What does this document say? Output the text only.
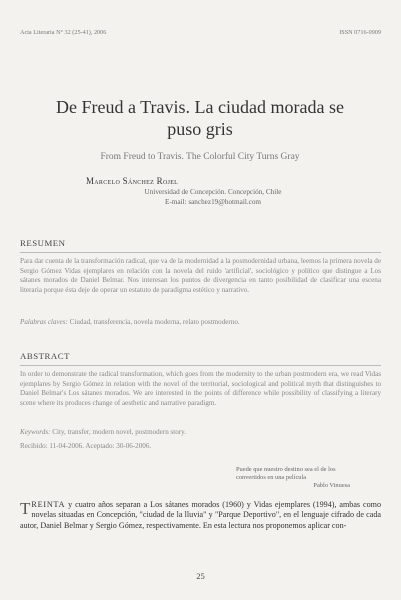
Acta Literaria N° 32 (25-41), 2006	ISSN 0716-0909
De Freud a Travis. La ciudad morada se puso gris
From Freud to Travis. The Colorful City Turns Gray
Marcelo Sánchez Rojel
Universidad de Concepción. Concepción, Chile
E-mail: sanchez19@hotmail.com
RESUMEN
Para dar cuenta de la transformación radical, que va de la modernidad a la posmodernidad urbana, leemos la primera novela de Sergio Gómez Vidas ejemplares en relación con la novela del ruido 'artificial', sociológico y político que distingue a Los sátanes morados de Daniel Belmar. Nos interesan los puntos de divergencia en tanto posibilidad de clasificar una escena literaria porque ésta deje de operar un estatuto de paradigma estético y narrativo.
Palabras claves: Ciudad, transferencia, novela moderna, relato postmoderno.
ABSTRACT
In order to demonstrate the radical transformation, which goes from the modernity to the urban postmodern era, we read Vidas ejemplares by Sergio Gómez in relation with the novel of the territorial, sociological and political myth that distinguishes to Daniel Belmar's Los sátanes morados. We are interested in the points of difference while possibility of classifying a literary scene where its produces change of aesthetic and narrative paradigm.
Keywords: City, transfer, modern novel, postmodern story.
Recibido: 11-04-2006. Aceptado: 30-06-2006.
Puede que nuestro destino sea el de los
convertidos en una película
Pablo Vinuesa
TREINTA y cuatro años separan a Los sátanes morados (1960) y Vidas ejemplares (1994), ambas como novelas situadas en Concepción, "ciudad de la lluvia" y "Parque Deportivo", en el lenguaje cifrado de cada autor, Daniel Belmar y Sergio Gómez, respectivamente. En esta lectura nos proponemos aplicar con-
25
